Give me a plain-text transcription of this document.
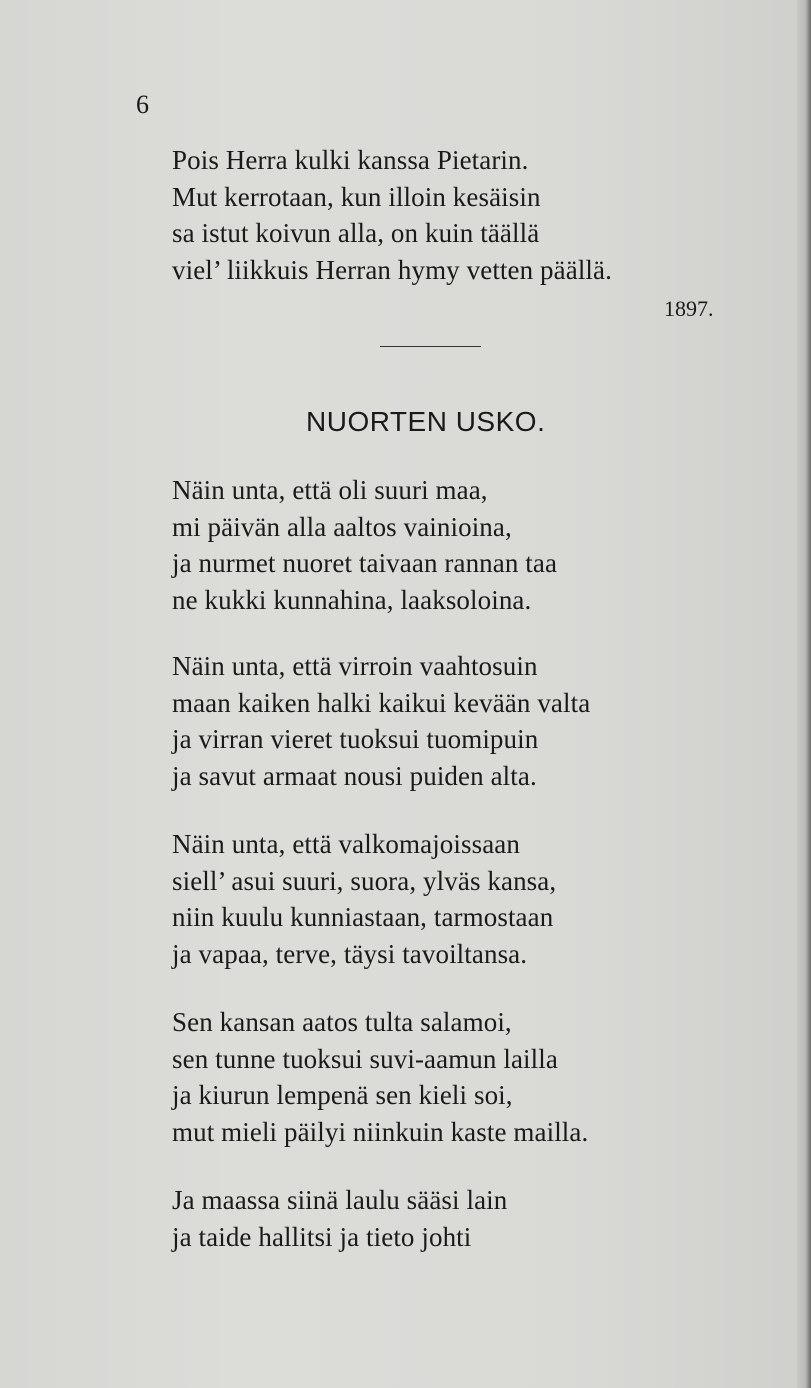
6
Pois Herra kulki kanssa Pietarin.
Mut kerrotaan, kun illoin kesäisin
sa istut koivun alla, on kuin täällä
viel’ liikkuis Herran hymy vetten päällä.
1897.
NUORTEN USKO.
Näin unta, että oli suuri maa,
mi päivän alla aaltos vainioina,
ja nurmet nuoret taivaan rannan taa
ne kukki kunnahina, laaksoloina.
Näin unta, että virroin vaahtosuin
maan kaiken halki kaikui kevään valta
ja virran vieret tuoksui tuomipuin
ja savut armaat nousi puiden alta.
Näin unta, että valkomajoissaan
siell’ asui suuri, suora, ylväs kansa,
niin kuulu kunniastaan, tarmostaan
ja vapaa, terve, täysi tavoiltansa.
Sen kansan aatos tulta salamoi,
sen tunne tuoksui suvi-aamun lailla
ja kiurun lempenä sen kieli soi,
mut mieli päilyi niinkuin kaste mailla.
Ja maassa siinä laulu sääsi lain
ja taide hallitsi ja tieto johti
